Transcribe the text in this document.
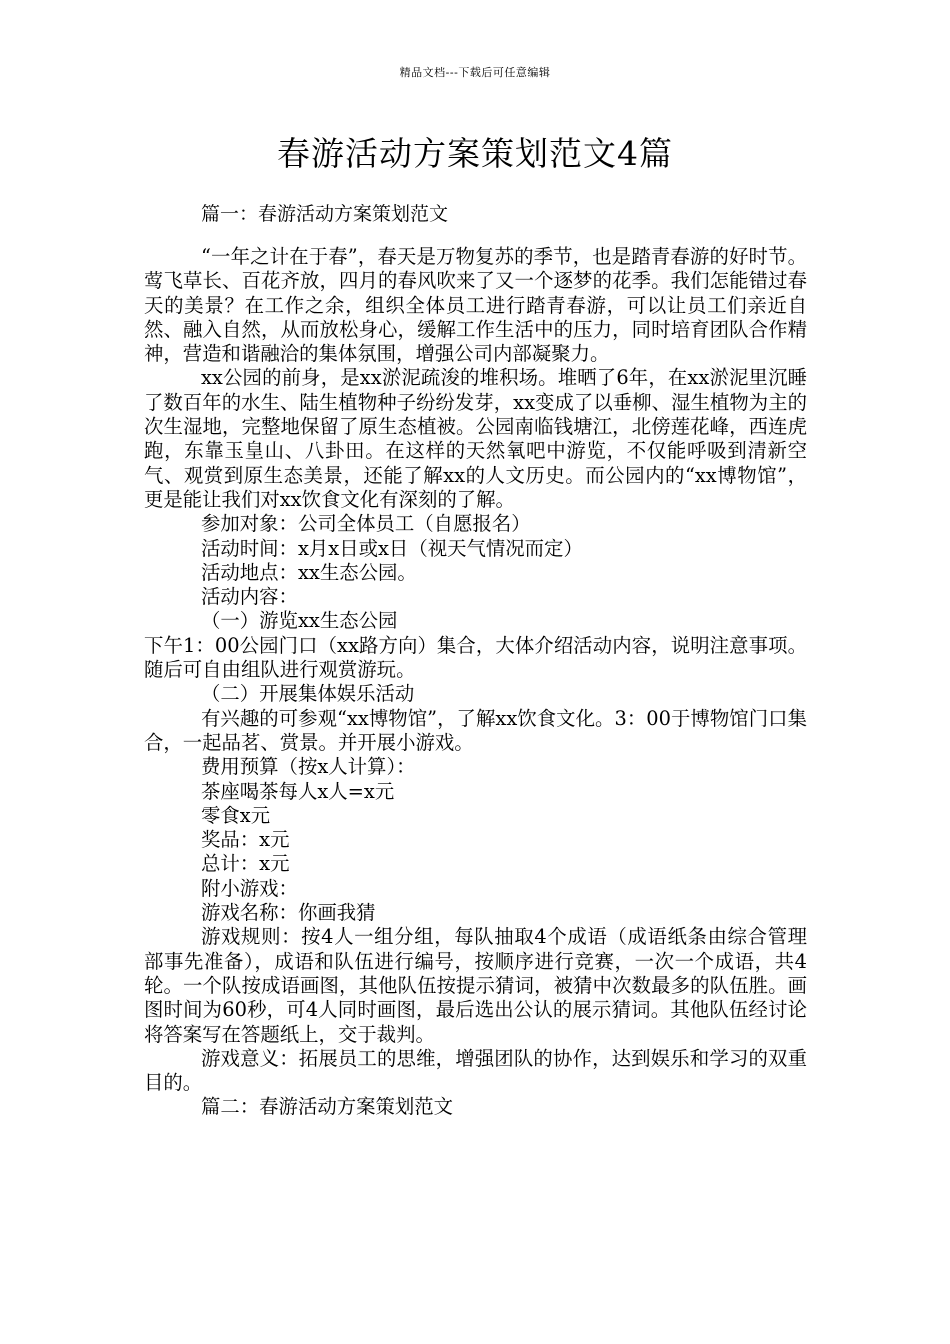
精品文档---下载后可任意编辑
春游活动方案策划范文4篇
篇一：春游活动方案策划范文

“一年之计在于春”，春天是万物复苏的季节，也是踏青春游的好时节。莺飞草长、百花齐放，四月的春风吹来了又一个逐梦的花季。我们怎能错过春天的美景？在工作之余，组织全体员工进行踏青春游，可以让员工们亲近自然、融入自然，从而放松身心，缓解工作生活中的压力，同时培育团队合作精神，营造和谐融洽的集体氛围，增强公司内部凝聚力。

xx公园的前身，是xx淤泥疏浚的堆积场。堆晒了6年，在xx淤泥里沉睡了数百年的水生、陆生植物种子纷纷发芽，xx变成了以垂柳、湿生植物为主的次生湿地，完整地保留了原生态植被。公园南临钱塘江，北傍莲花峰，西连虎跑，东靠玉皇山、八卦田。在这样的天然氧吧中游览，不仅能呼吸到清新空气、观赏到原生态美景，还能了解xx的人文历史。而公园内的“xx博物馆”，更是能让我们对xx饮食文化有深刻的了解。

参加对象：公司全体员工（自愿报名）

活动时间：x月x日或x日（视天气情况而定）

活动地点：xx生态公园。

活动内容：

（一）游览xx生态公园

下午1：00公园门口（xx路方向）集合，大体介绍活动内容，说明注意事项。随后可自由组队进行观赏游玩。

（二）开展集体娱乐活动

有兴趣的可参观“xx博物馆”，了解xx饮食文化。3：00于博物馆门口集合，一起品茗、赏景。并开展小游戏。

费用预算（按x人计算）：

茶座喝茶每人x人=x元

零食x元

奖品：x元

总计：x元

附小游戏：

游戏名称：你画我猜

游戏规则：按4人一组分组，每队抽取4个成语（成语纸条由综合管理部事先准备），成语和队伍进行编号，按顺序进行竞赛，一次一个成语，共4轮。一个队按成语画图，其他队伍按提示猜词，被猜中次数最多的队伍胜。画图时间为60秒，可4人同时画图，最后选出公认的展示猜词。其他队伍经讨论将答案写在答题纸上，交于裁判。

游戏意义：拓展员工的思维，增强团队的协作，达到娱乐和学习的双重目的。

篇二：春游活动方案策划范文
